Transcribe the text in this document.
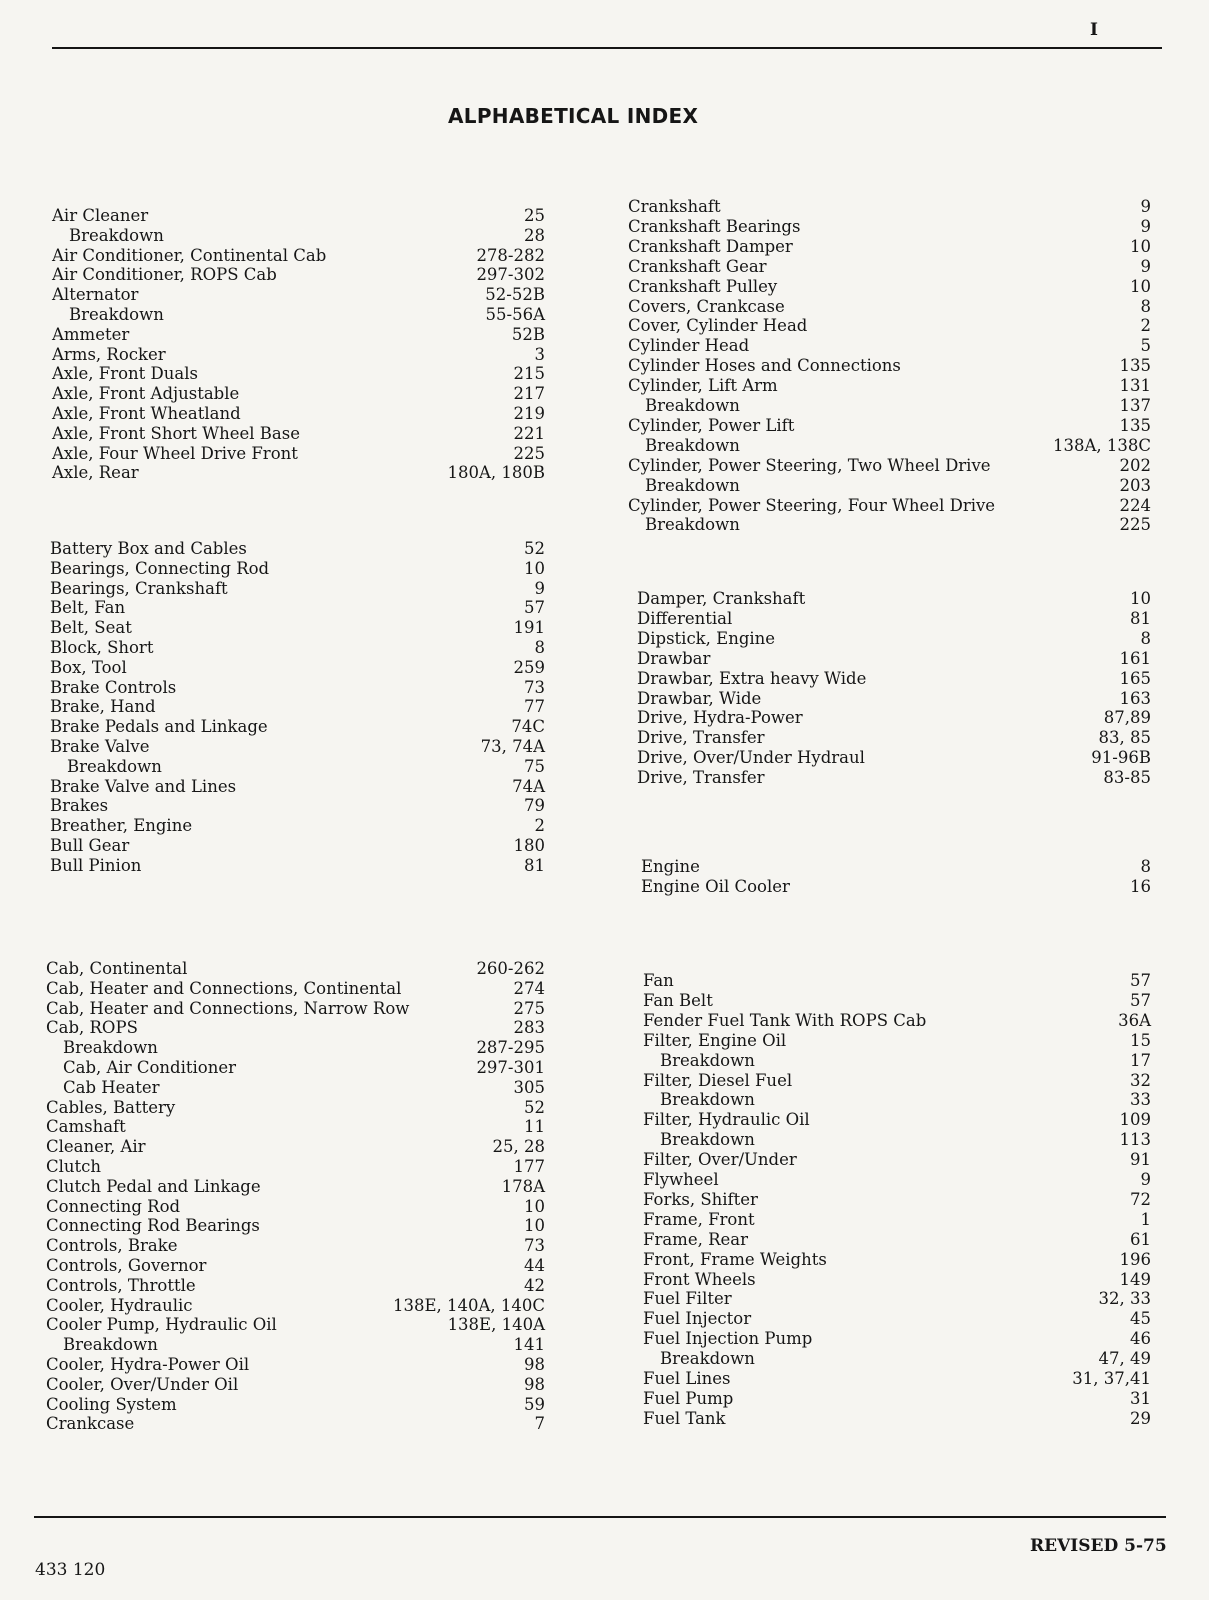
I
ALPHABETICAL INDEX
Air Cleaner	25
Breakdown	28
Air Conditioner, Continental Cab	278-282
Air Conditioner, ROPS Cab	297-302
Alternator	52-52B
Breakdown	55-56A
Ammeter	52B
Arms, Rocker	3
Axle, Front Duals	215
Axle, Front Adjustable	217
Axle, Front Wheatland	219
Axle, Front Short Wheel Base	221
Axle, Four Wheel Drive Front	225
Axle, Rear	180A, 180B
Battery Box and Cables	52
Bearings, Connecting Rod	10
Bearings, Crankshaft	9
Belt, Fan	57
Belt, Seat	191
Block, Short	8
Box, Tool	259
Brake Controls	73
Brake, Hand	77
Brake Pedals and Linkage	74C
Brake Valve	73, 74A
Breakdown	75
Brake Valve and Lines	74A
Brakes	79
Breather, Engine	2
Bull Gear	180
Bull Pinion	81
Cab, Continental	260-262
Cab, Heater and Connections, Continental	274
Cab, Heater and Connections, Narrow Row	275
Cab, ROPS	283
Breakdown	287-295
Cab, Air Conditioner	297-301
Cab Heater	305
Cables, Battery	52
Camshaft	11
Cleaner, Air	25, 28
Clutch	177
Clutch Pedal and Linkage	178A
Connecting Rod	10
Connecting Rod Bearings	10
Controls, Brake	73
Controls, Governor	44
Controls, Throttle	42
Cooler, Hydraulic	138E, 140A, 140C
Cooler Pump, Hydraulic Oil	138E, 140A
Breakdown	141
Cooler, Hydra-Power Oil	98
Cooler, Over/Under Oil	98
Cooling System	59
Crankcase	7
Crankshaft	9
Crankshaft Bearings	9
Crankshaft Damper	10
Crankshaft Gear	9
Crankshaft Pulley	10
Covers, Crankcase	8
Cover, Cylinder Head	2
Cylinder Head	5
Cylinder Hoses and Connections	135
Cylinder, Lift Arm	131
Breakdown	137
Cylinder, Power Lift	135
Breakdown	138A, 138C
Cylinder, Power Steering, Two Wheel Drive	202
Breakdown	203
Cylinder, Power Steering, Four Wheel Drive	224
Breakdown	225
Damper, Crankshaft	10
Differential	81
Dipstick, Engine	8
Drawbar	161
Drawbar, Extra heavy Wide	165
Drawbar, Wide	163
Drive, Hydra-Power	87,89
Drive, Transfer	83, 85
Drive, Over/Under Hydraul	91-96B
Drive, Transfer	83-85
Engine	8
Engine Oil Cooler	16
Fan	57
Fan Belt	57
Fender Fuel Tank With ROPS Cab	36A
Filter, Engine Oil	15
Breakdown	17
Filter, Diesel Fuel	32
Breakdown	33
Filter, Hydraulic Oil	109
Breakdown	113
Filter, Over/Under	91
Flywheel	9
Forks, Shifter	72
Frame, Front	1
Frame, Rear	61
Front, Frame Weights	196
Front Wheels	149
Fuel Filter	32, 33
Fuel Injector	45
Fuel Injection Pump	46
Breakdown	47, 49
Fuel Lines	31, 37,41
Fuel Pump	31
Fuel Tank	29
433 120
REVISED 5-75
